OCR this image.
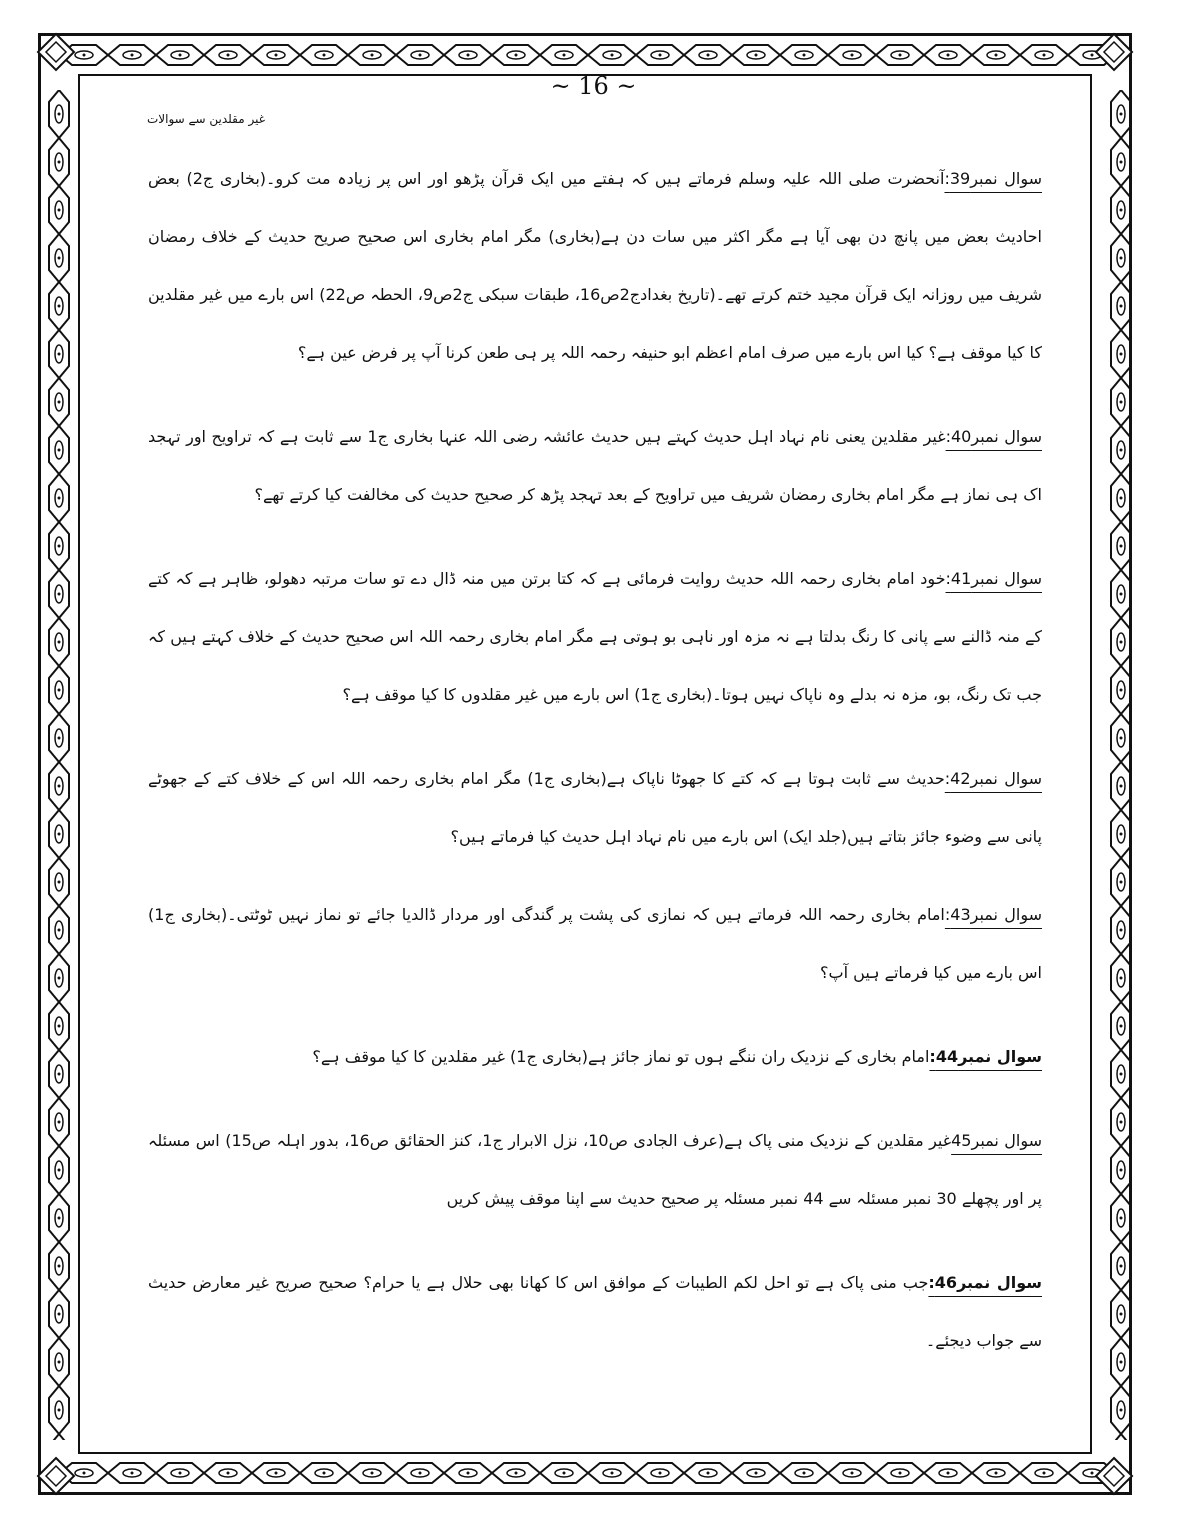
~ 16 ~
غیر مقلدین سے سوالات

سوال نمبر39:آنحضرت صلی اللہ علیہ وسلم فرماتے ہیں کہ ہفتے میں ایک قرآن پڑھو اور اس پر زیادہ مت کرو۔(بخاری ج2) بعض احادیث بعض میں پانچ دن بھی آیا ہے مگر اکثر میں سات دن ہے(بخاری) مگر امام بخاری اس صحیح صریح حدیث کے خلاف رمضان شریف میں روزانہ ایک قرآن مجید ختم کرتے تھے۔(تاریخ بغدادج2ص16، طبقات سبکی ج2ص9، الحطہ ص22) اس بارے میں غیر مقلدین کا کیا موقف ہے؟ کیا اس بارے میں صرف امام اعظم ابو حنیفہ رحمہ اللہ پر ہی طعن کرنا آپ پر فرض عین ہے؟

سوال نمبر40:غیر مقلدین یعنی نام نہاد اہل حدیث کہتے ہیں حدیث عائشہ رضی اللہ عنہا بخاری ج1 سے ثابت ہے کہ تراویح اور تہجد اک ہی نماز ہے مگر امام بخاری رمضان شریف میں تراویح کے بعد تہجد پڑھ کر صحیح حدیث کی مخالفت کیا کرتے تھے؟

سوال نمبر41:خود امام بخاری رحمہ اللہ حدیث روایت فرمائی ہے کہ کتا برتن میں منہ ڈال دے تو سات مرتبہ دھولو، ظاہر ہے کہ کتے کے منہ ڈالنے سے پانی کا رنگ بدلتا ہے نہ مزہ اور ناہی بو ہوتی ہے مگر امام بخاری رحمہ اللہ اس صحیح حدیث کے خلاف کہتے ہیں کہ جب تک رنگ، بو، مزہ نہ بدلے وہ ناپاک نہیں ہوتا۔(بخاری ج1) اس بارے میں غیر مقلدوں کا کیا موقف ہے؟

سوال نمبر42:حدیث سے ثابت ہوتا ہے کہ کتے کا جھوٹا ناپاک ہے(بخاری ج1) مگر امام بخاری رحمہ اللہ اس کے خلاف کتے کے جھوٹے پانی سے وضوء جائز بتاتے ہیں(جلد ایک) اس بارے میں نام نہاد اہل حدیث کیا فرماتے ہیں؟

سوال نمبر43:امام بخاری رحمہ اللہ فرماتے ہیں کہ نمازی کی پشت پر گندگی اور مردار ڈالدیا جائے تو نماز نہیں ٹوٹتی۔(بخاری ج1) اس بارے میں کیا فرماتے ہیں آپ؟

سوال نمبر44:امام بخاری کے نزدیک ران ننگے ہوں تو نماز جائز ہے(بخاری ج1) غیر مقلدین کا کیا موقف ہے؟

سوال نمبر45غیر مقلدین کے نزدیک منی پاک ہے(عرف الجادی ص10، نزل الابرار ج1، کنز الحقائق ص16، بدور اہلہ ص15) اس مسئلہ پر اور پچھلے 30 نمبر مسئلہ سے 44 نمبر مسئلہ پر صحیح حدیث سے اپنا موقف پیش کریں

سوال نمبر46:جب منی پاک ہے تو احل لکم الطیبات کے موافق اس کا کھانا بھی حلال ہے یا حرام؟ صحیح صریح غیر معارض حدیث سے جواب دیجئے۔
